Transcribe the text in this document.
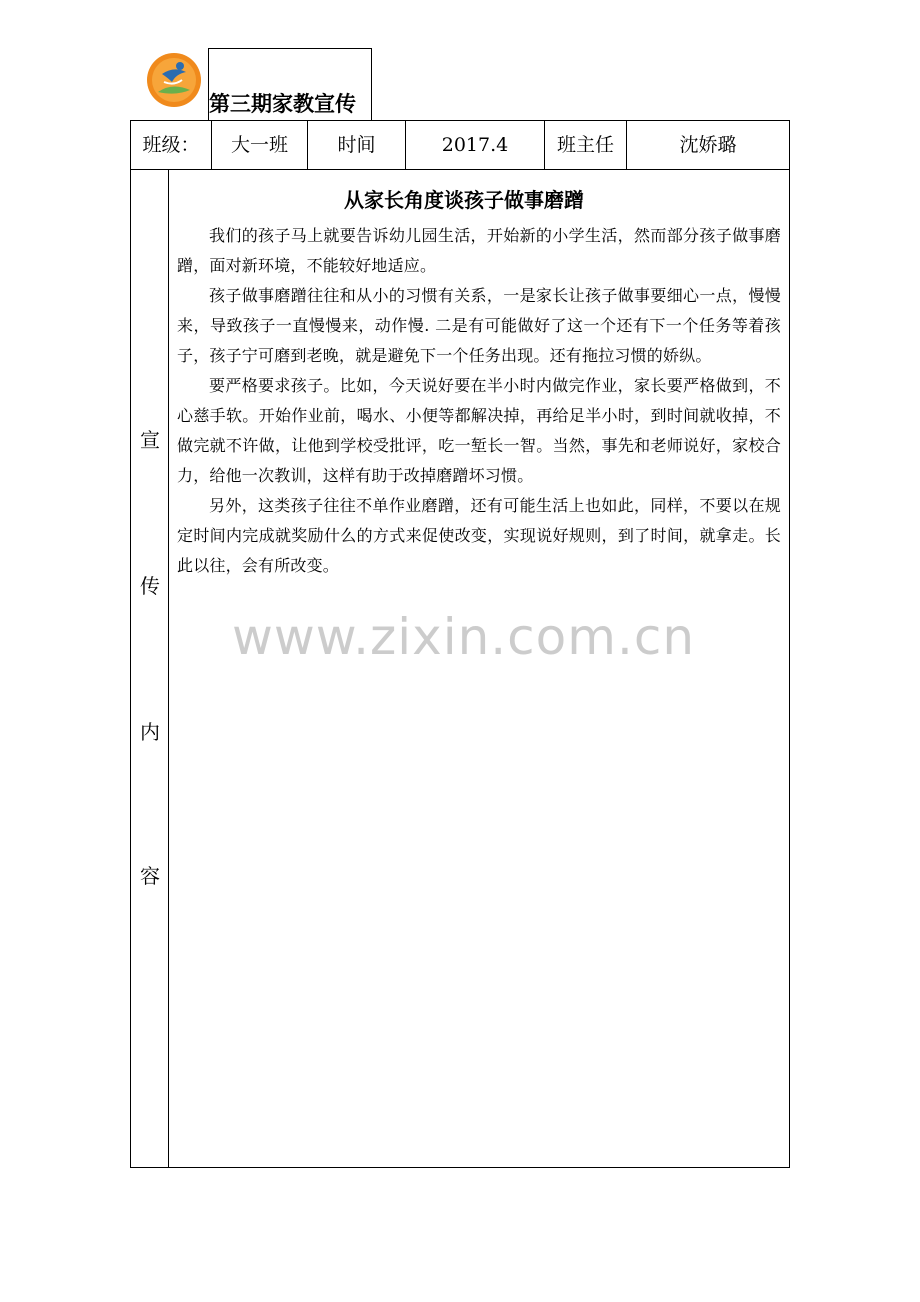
第三期家教宣传
班级：	大一班	时间	2017.4	班主任	沈娇璐
宣
传
内
容
从家长角度谈孩子做事磨蹭

我们的孩子马上就要告诉幼儿园生活，开始新的小学生活，然而部分孩子做事磨蹭，面对新环境，不能较好地适应。

孩子做事磨蹭往往和从小的习惯有关系，一是家长让孩子做事要细心一点，慢慢来，导致孩子一直慢慢来，动作慢. 二是有可能做好了这一个还有下一个任务等着孩子，孩子宁可磨到老晚，就是避免下一个任务出现。还有拖拉习惯的娇纵。

要严格要求孩子。比如，今天说好要在半小时内做完作业，家长要严格做到，不心慈手软。开始作业前，喝水、小便等都解决掉，再给足半小时，到时间就收掉，不做完就不许做，让他到学校受批评，吃一堑长一智。当然，事先和老师说好，家校合力，给他一次教训，这样有助于改掉磨蹭坏习惯。

另外，这类孩子往往不单作业磨蹭，还有可能生活上也如此，同样，不要以在规定时间内完成就奖励什么的方式来促使改变，实现说好规则，到了时间，就拿走。长此以往，会有所改变。

www.zixin.com.cn
